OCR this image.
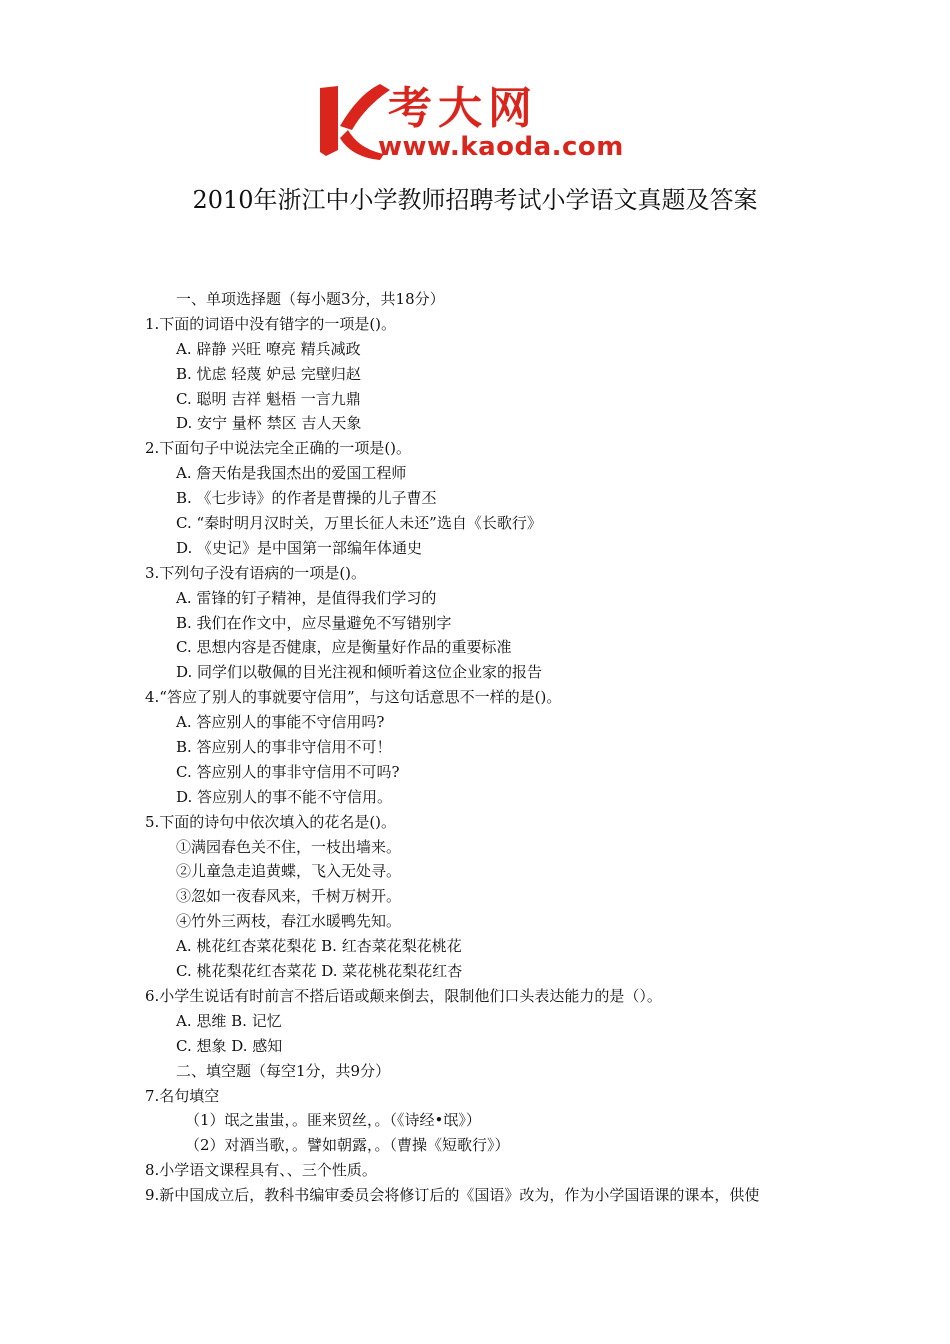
考大网
www.kaoda.com
2010年浙江中小学教师招聘考试小学语文真题及答案
一、单项选择题（每小题3分，共18分）
1.下面的词语中没有错字的一项是()。
A. 辟静 兴旺 嘹亮 精兵减政
B. 忧虑 轻蔑 妒忌 完壁归赵
C. 聪明 吉祥 魁梧 一言九鼎
D. 安宁 量杯 禁区 吉人天象
2.下面句子中说法完全正确的一项是()。
A. 詹天佑是我国杰出的爱国工程师
B. 《七步诗》的作者是曹操的儿子曹丕
C. “秦时明月汉时关，万里长征人未还”选自《长歌行》
D. 《史记》是中国第一部编年体通史
3.下列句子没有语病的一项是()。
A. 雷锋的钉子精神，是值得我们学习的
B. 我们在作文中，应尽量避免不写错别字
C. 思想内容是否健康，应是衡量好作品的重要标准
D. 同学们以敬佩的目光注视和倾听着这位企业家的报告
4.“答应了别人的事就要守信用”，与这句话意思不一样的是()。
A. 答应别人的事能不守信用吗?
B. 答应别人的事非守信用不可！
C. 答应别人的事非守信用不可吗?
D. 答应别人的事不能不守信用。
5.下面的诗句中依次填入的花名是()。
①满园春色关不住，一枝出墙来。
②儿童急走追黄蝶，飞入无处寻。
③忽如一夜春风来，千树万树开。
④竹外三两枝，春江水暖鸭先知。
A. 桃花红杏菜花梨花 B. 红杏菜花梨花桃花
C. 桃花梨花红杏菜花 D. 菜花桃花梨花红杏
6.小学生说话有时前言不搭后语或颠来倒去，限制他们口头表达能力的是（）。
A. 思维 B. 记忆
C. 想象 D. 感知
二、填空题（每空1分，共9分）
7.名句填空
（1）氓之蚩蚩，。匪来贸丝，。（《诗经•氓》）
（2）对酒当歌，。譬如朝露，。（曹操《短歌行》）
8.小学语文课程具有、、三个性质。
9.新中国成立后，教科书编审委员会将修订后的《国语》改为，作为小学国语课的课本，供使
